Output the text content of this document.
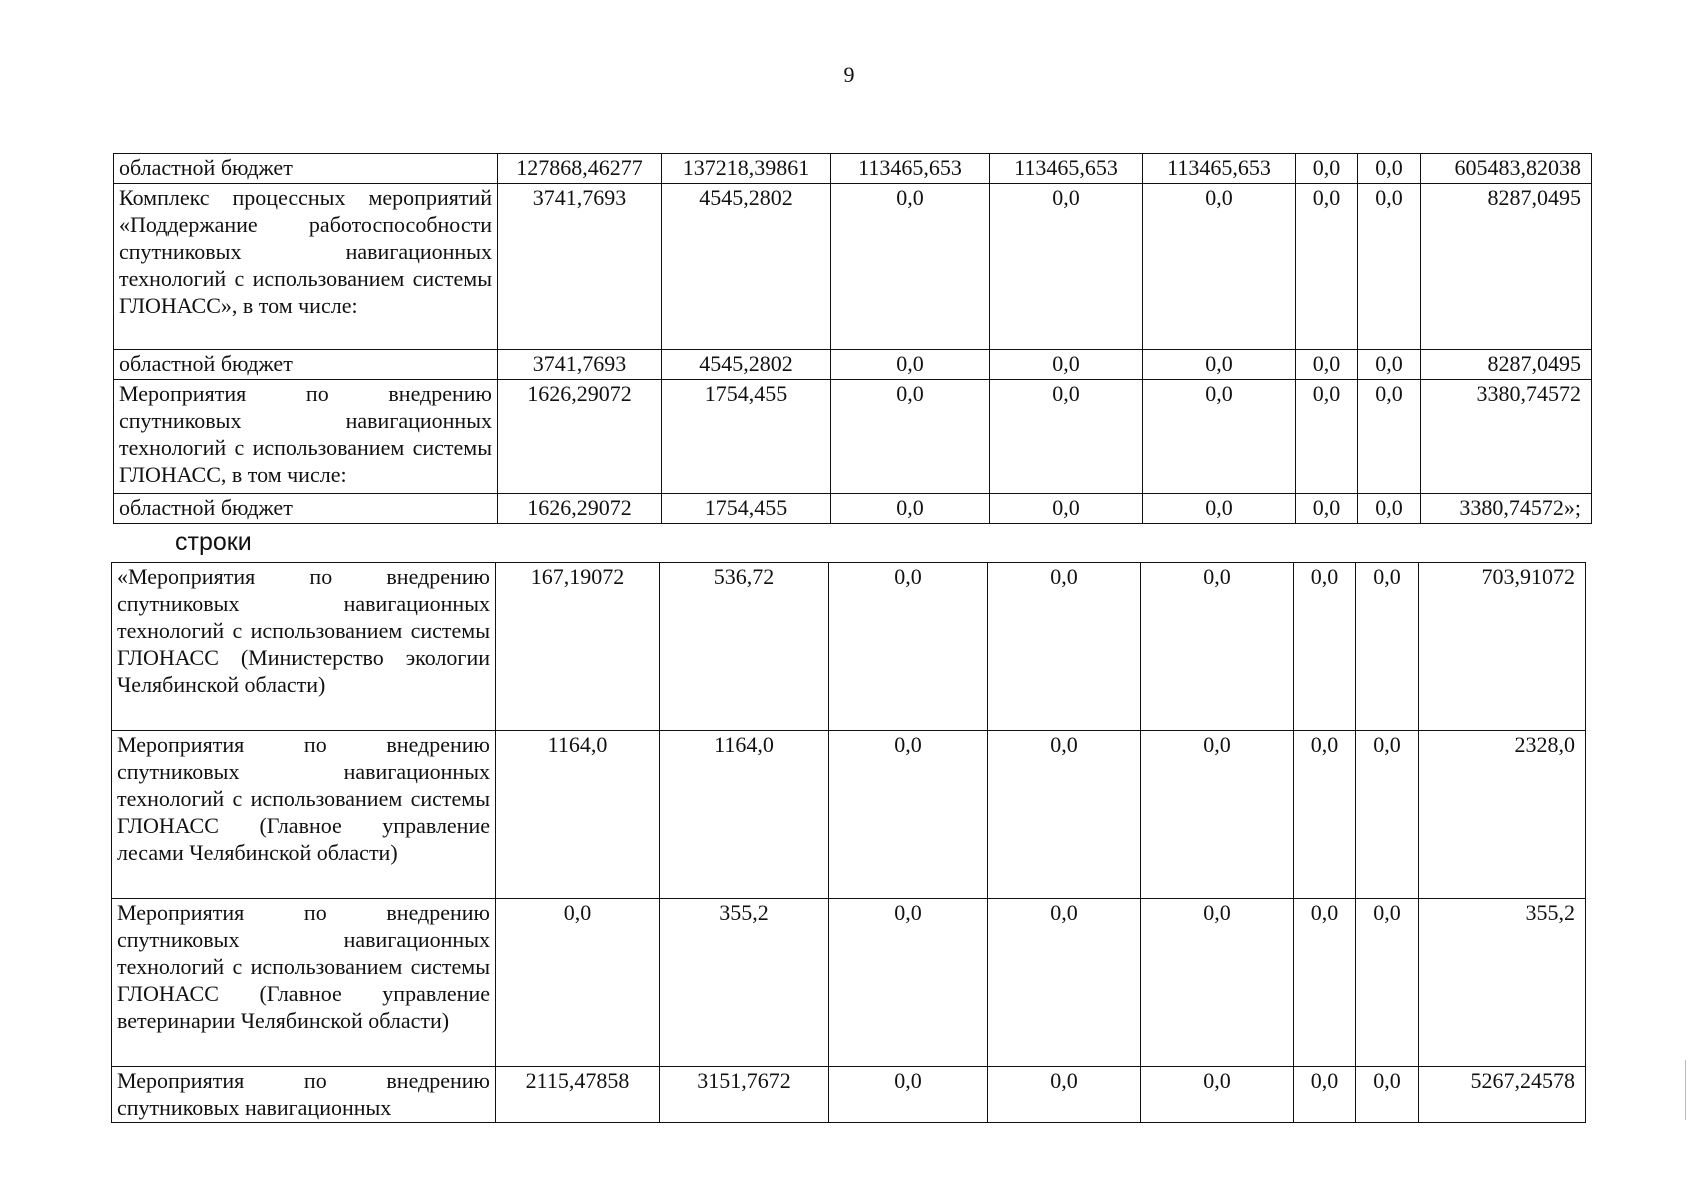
9
областной бюджет	127868,46277	137218,39861	113465,653	113465,653	113465,653	0,0	0,0	605483,82038
Комплекс процессных мероприятий «Поддержание работоспособности спутниковых навигационных технологий с использованием системы ГЛОНАСС», в том числе:	3741,7693	4545,2802	0,0	0,0	0,0	0,0	0,0	8287,0495
областной бюджет	3741,7693	4545,2802	0,0	0,0	0,0	0,0	0,0	8287,0495
Мероприятия по внедрению спутниковых навигационных технологий с использованием системы ГЛОНАСС, в том числе:	1626,29072	1754,455	0,0	0,0	0,0	0,0	0,0	3380,74572
областной бюджет	1626,29072	1754,455	0,0	0,0	0,0	0,0	0,0	3380,74572»;
строки
«Мероприятия по внедрению спутниковых навигационных технологий с использованием системы ГЛОНАСС (Министерство экологии Челябинской области)	167,19072	536,72	0,0	0,0	0,0	0,0	0,0	703,91072
Мероприятия по внедрению спутниковых навигационных технологий с использованием системы ГЛОНАСС (Главное управление лесами Челябинской области)	1164,0	1164,0	0,0	0,0	0,0	0,0	0,0	2328,0
Мероприятия по внедрению спутниковых навигационных технологий с использованием системы ГЛОНАСС (Главное управление ветеринарии Челябинской области)	0,0	355,2	0,0	0,0	0,0	0,0	0,0	355,2
Мероприятия по внедрению спутниковых навигационных	2115,47858	3151,7672	0,0	0,0	0,0	0,0	0,0	5267,24578
